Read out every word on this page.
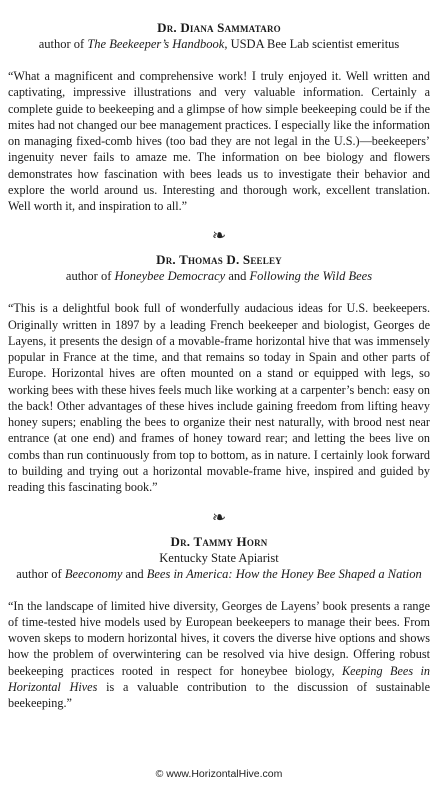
Dr. Diana Sammataro
author of The Beekeeper’s Handbook, USDA Bee Lab scientist emeritus

“What a magnificent and comprehensive work! I truly enjoyed it. Well written and captivating, impressive illustrations and very valuable information. Certainly a complete guide to beekeeping and a glimpse of how simple beekeeping could be if the mites had not changed our bee management practices. I especially like the information on managing fixed-comb hives (too bad they are not legal in the U.S.)—beekeepers’ ingenuity never fails to amaze me. The information on bee biology and flowers demonstrates how fascination with bees leads us to investigate their behavior and explore the world around us. Interesting and thorough work, excellent translation. Well worth it, and inspiration to all.”

❧
Dr. Thomas D. Seeley
author of Honeybee Democracy and Following the Wild Bees

“This is a delightful book full of wonderfully audacious ideas for U.S. beekeepers. Originally written in 1897 by a leading French beekeeper and biologist, Georges de Layens, it presents the design of a movable-frame horizontal hive that was immensely popular in France at the time, and that remains so today in Spain and other parts of Europe. Horizontal hives are often mounted on a stand or equipped with legs, so working bees with these hives feels much like working at a carpenter’s bench: easy on the back! Other advantages of these hives include gaining freedom from lifting heavy honey supers; enabling the bees to organize their nest naturally, with brood nest near entrance (at one end) and frames of honey toward rear; and letting the bees live on combs than run continuously from top to bottom, as in nature. I certainly look forward to building and trying out a horizontal movable-frame hive, inspired and guided by reading this fascinating book.”

❧
Dr. Tammy Horn
Kentucky State Apiarist
author of Beeconomy and Bees in America: How the Honey Bee Shaped a Nation

“In the landscape of limited hive diversity, Georges de Layens’ book presents a range of time-tested hive models used by European beekeepers to manage their bees. From woven skeps to modern horizontal hives, it covers the diverse hive options and shows how the problem of overwintering can be resolved via hive design. Offering robust beekeeping practices rooted in respect for honeybee biology, Keeping Bees in Horizontal Hives is a valuable contribution to the discussion of sustainable beekeeping.”

© www.HorizontalHive.com
